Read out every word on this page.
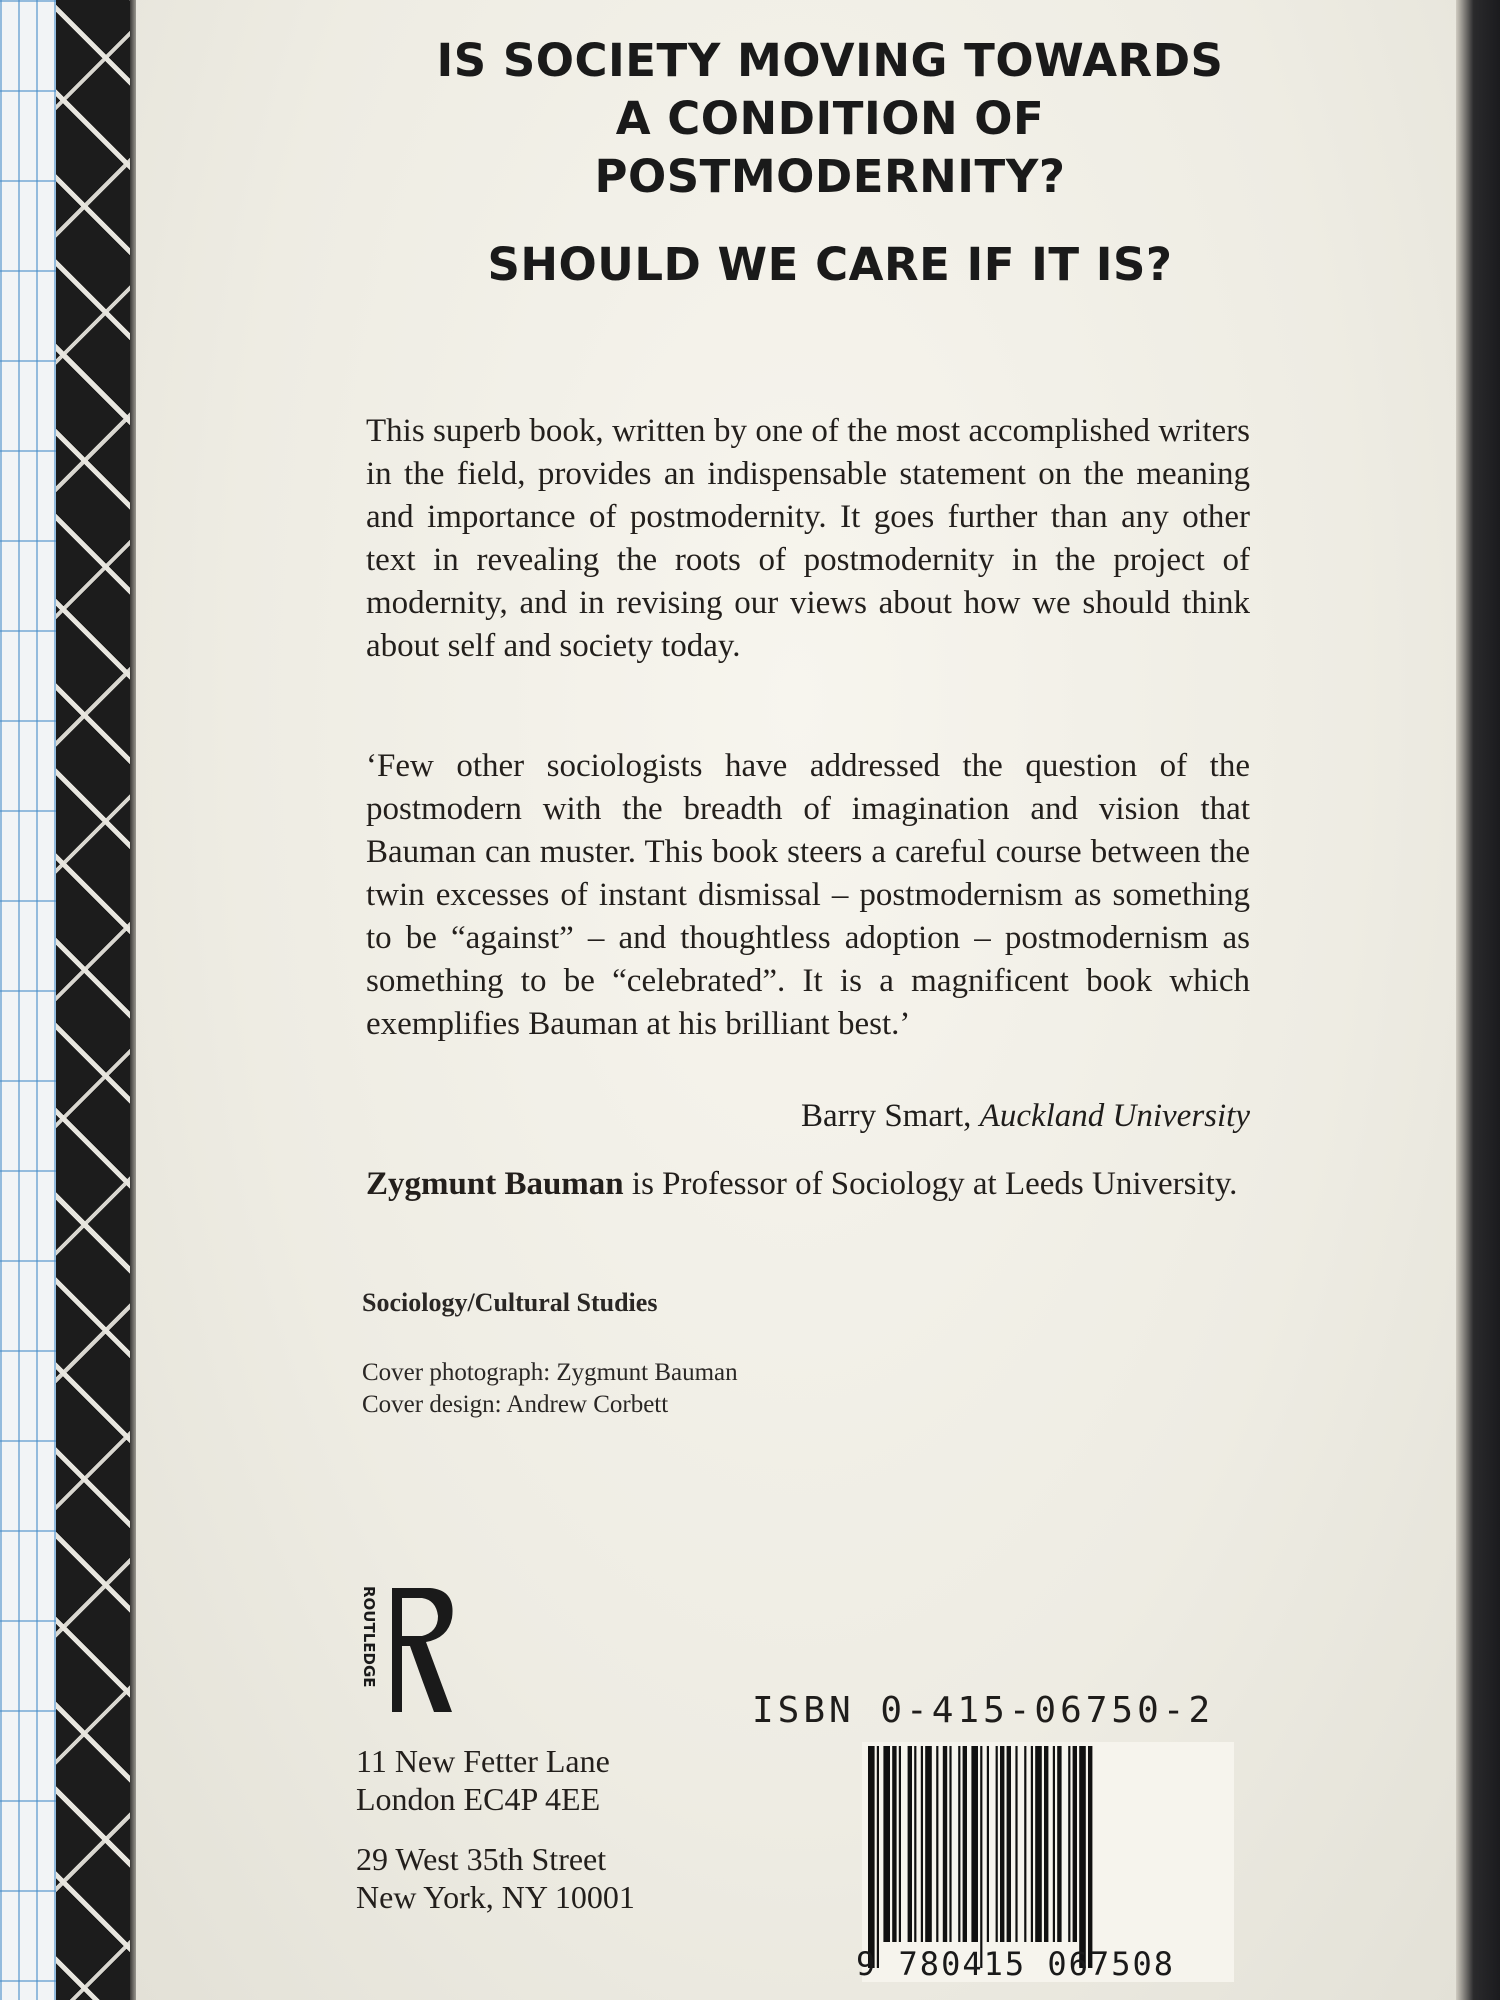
IS SOCIETY MOVING TOWARDS
A CONDITION OF
POSTMODERNITY?
SHOULD WE CARE IF IT IS?
This superb book, written by one of the most accomplished writers in the field, provides an indispensable statement on the meaning and importance of postmodernity. It goes further than any other text in revealing the roots of postmodernity in the project of modernity, and in revising our views about how we should think about self and society today.
‘Few other sociologists have addressed the question of the postmodern with the breadth of imagination and vision that Bauman can muster. This book steers a careful course between the twin excesses of instant dismissal – postmodernism as something to be “against” – and thoughtless adoption – postmodernism as something to be “celebrated”. It is a magnificent book which exemplifies Bauman at his brilliant best.’
Barry Smart, Auckland University
Zygmunt Bauman is Professor of Sociology at Leeds University.
Sociology/Cultural Studies
Cover photograph: Zygmunt Bauman
Cover design: Andrew Corbett
ROUTLEDGE
11 New Fetter Lane
London EC4P 4EE
29 West 35th Street
New York, NY 10001
ISBN 0-415-06750-2
9 780415 067508
